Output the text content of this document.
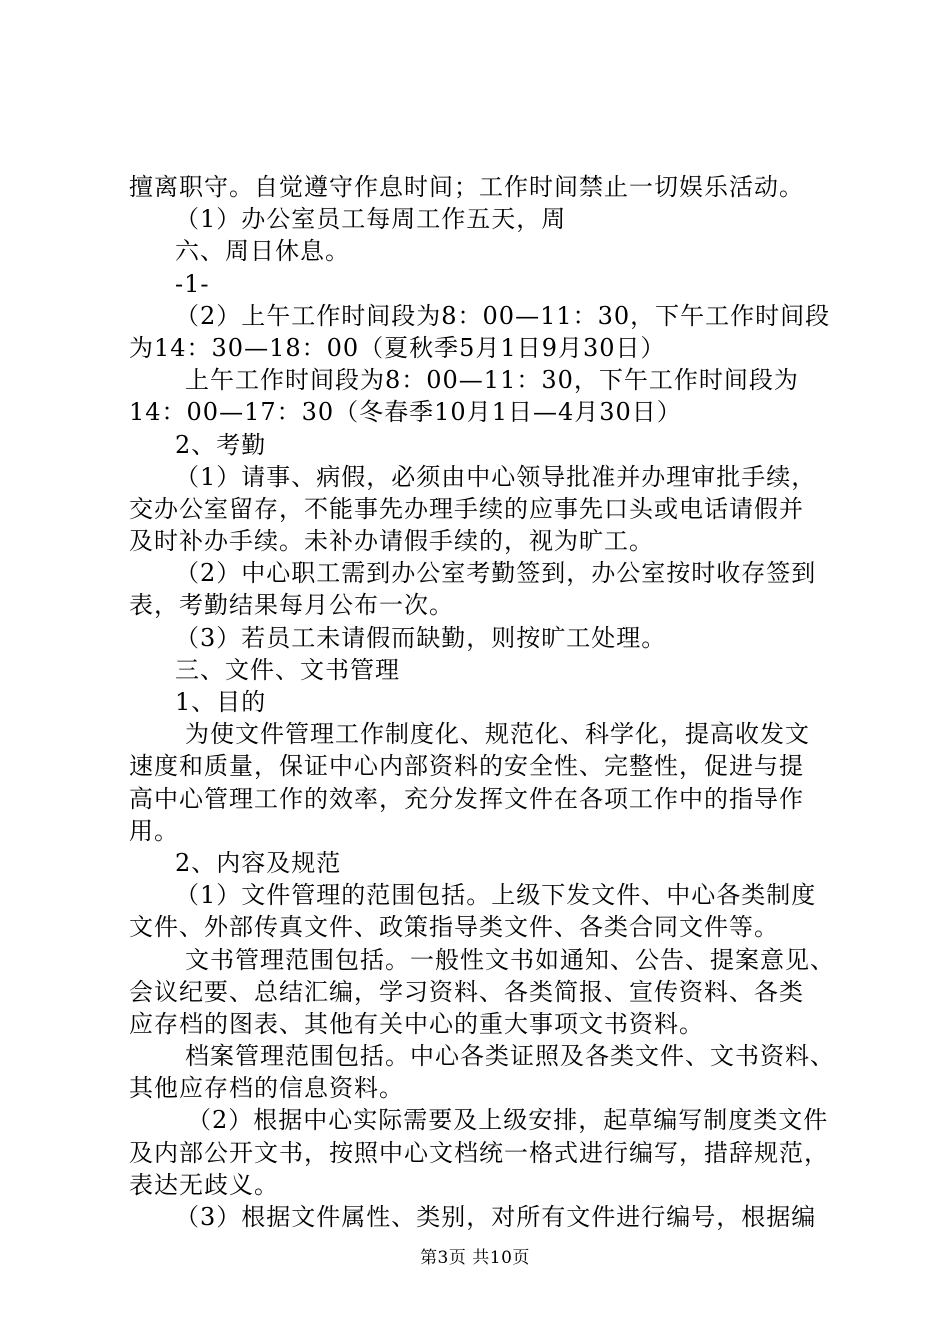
擅离职守。自觉遵守作息时间；工作时间禁止一切娱乐活动。
（1）办公室员工每周工作五天，周
六、周日休息。
-1-
（2）上午工作时间段为8：00—11：30，下午工作时间段
为14：30—18：00（夏秋季5月1日9月30日）
上午工作时间段为8：00—11：30，下午工作时间段为
14：00—17：30（冬春季10月1日—4月30日）
2、考勤
（1）请事、病假，必须由中心领导批准并办理审批手续，
交办公室留存，不能事先办理手续的应事先口头或电话请假并
及时补办手续。未补办请假手续的，视为旷工。
（2）中心职工需到办公室考勤签到，办公室按时收存签到
表，考勤结果每月公布一次。
（3）若员工未请假而缺勤，则按旷工处理。
三、文件、文书管理
1、目的
为使文件管理工作制度化、规范化、科学化，提高收发文
速度和质量，保证中心内部资料的安全性、完整性，促进与提
高中心管理工作的效率，充分发挥文件在各项工作中的指导作
用。
2、内容及规范
（1）文件管理的范围包括。上级下发文件、中心各类制度
文件、外部传真文件、政策指导类文件、各类合同文件等。
文书管理范围包括。一般性文书如通知、公告、提案意见、
会议纪要、总结汇编，学习资料、各类简报、宣传资料、各类
应存档的图表、其他有关中心的重大事项文书资料。
档案管理范围包括。中心各类证照及各类文件、文书资料、
其他应存档的信息资料。
（2）根据中心实际需要及上级安排，起草编写制度类文件
及内部公开文书，按照中心文档统一格式进行编写，措辞规范，
表达无歧义。
（3）根据文件属性、类别，对所有文件进行编号，根据编
第3页 共10页
